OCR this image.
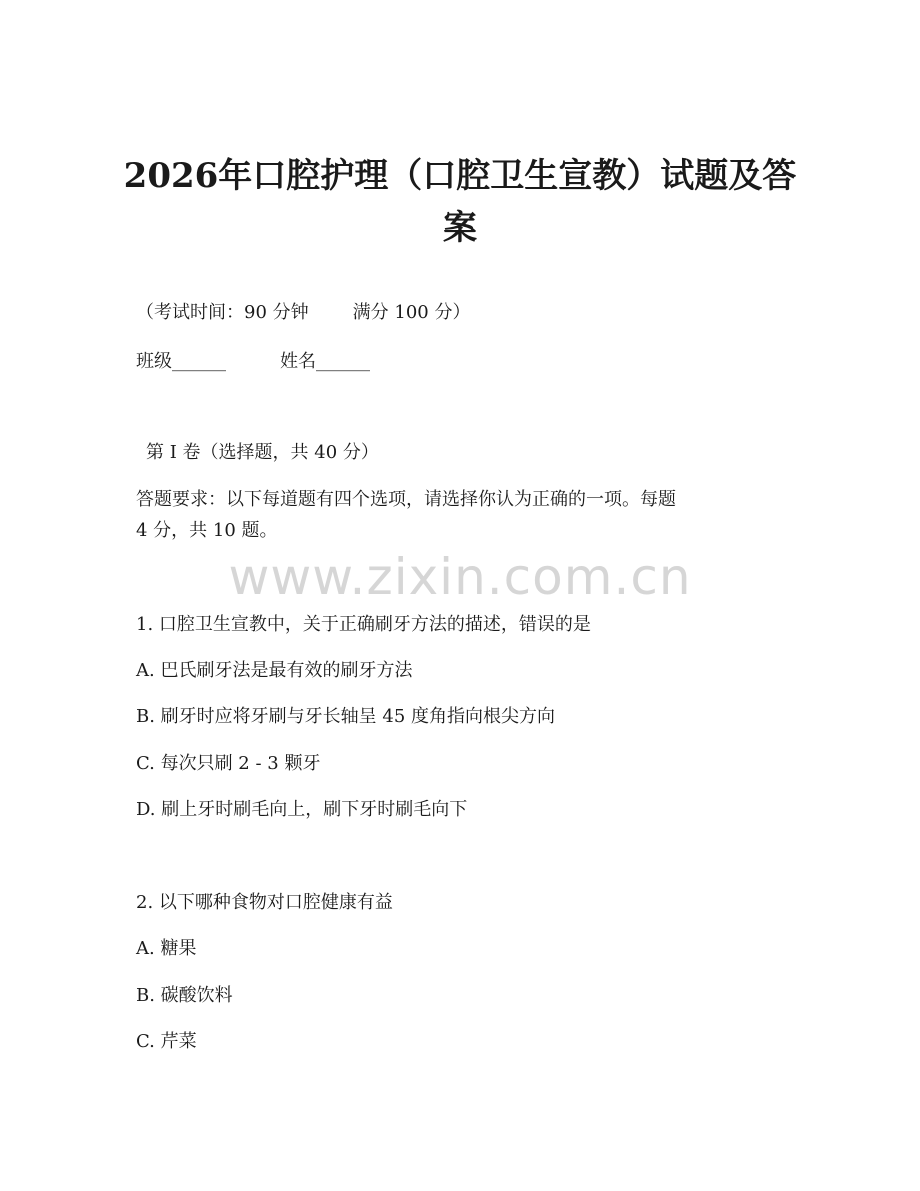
2026年口腔护理（口腔卫生宣教）试题及答
案
（考试时间：90 分钟 满分 100 分）
班级______	姓名______
第 I 卷（选择题，共 40 分）
答题要求：以下每道题有四个选项，请选择你认为正确的一项。每题
4 分，共 10 题。
www.zixin.com.cn
1. 口腔卫生宣教中，关于正确刷牙方法的描述，错误的是
A. 巴氏刷牙法是最有效的刷牙方法
B. 刷牙时应将牙刷与牙长轴呈 45 度角指向根尖方向
C. 每次只刷 2 - 3 颗牙
D. 刷上牙时刷毛向上，刷下牙时刷毛向下
2. 以下哪种食物对口腔健康有益
A. 糖果
B. 碳酸饮料
C. 芹菜
